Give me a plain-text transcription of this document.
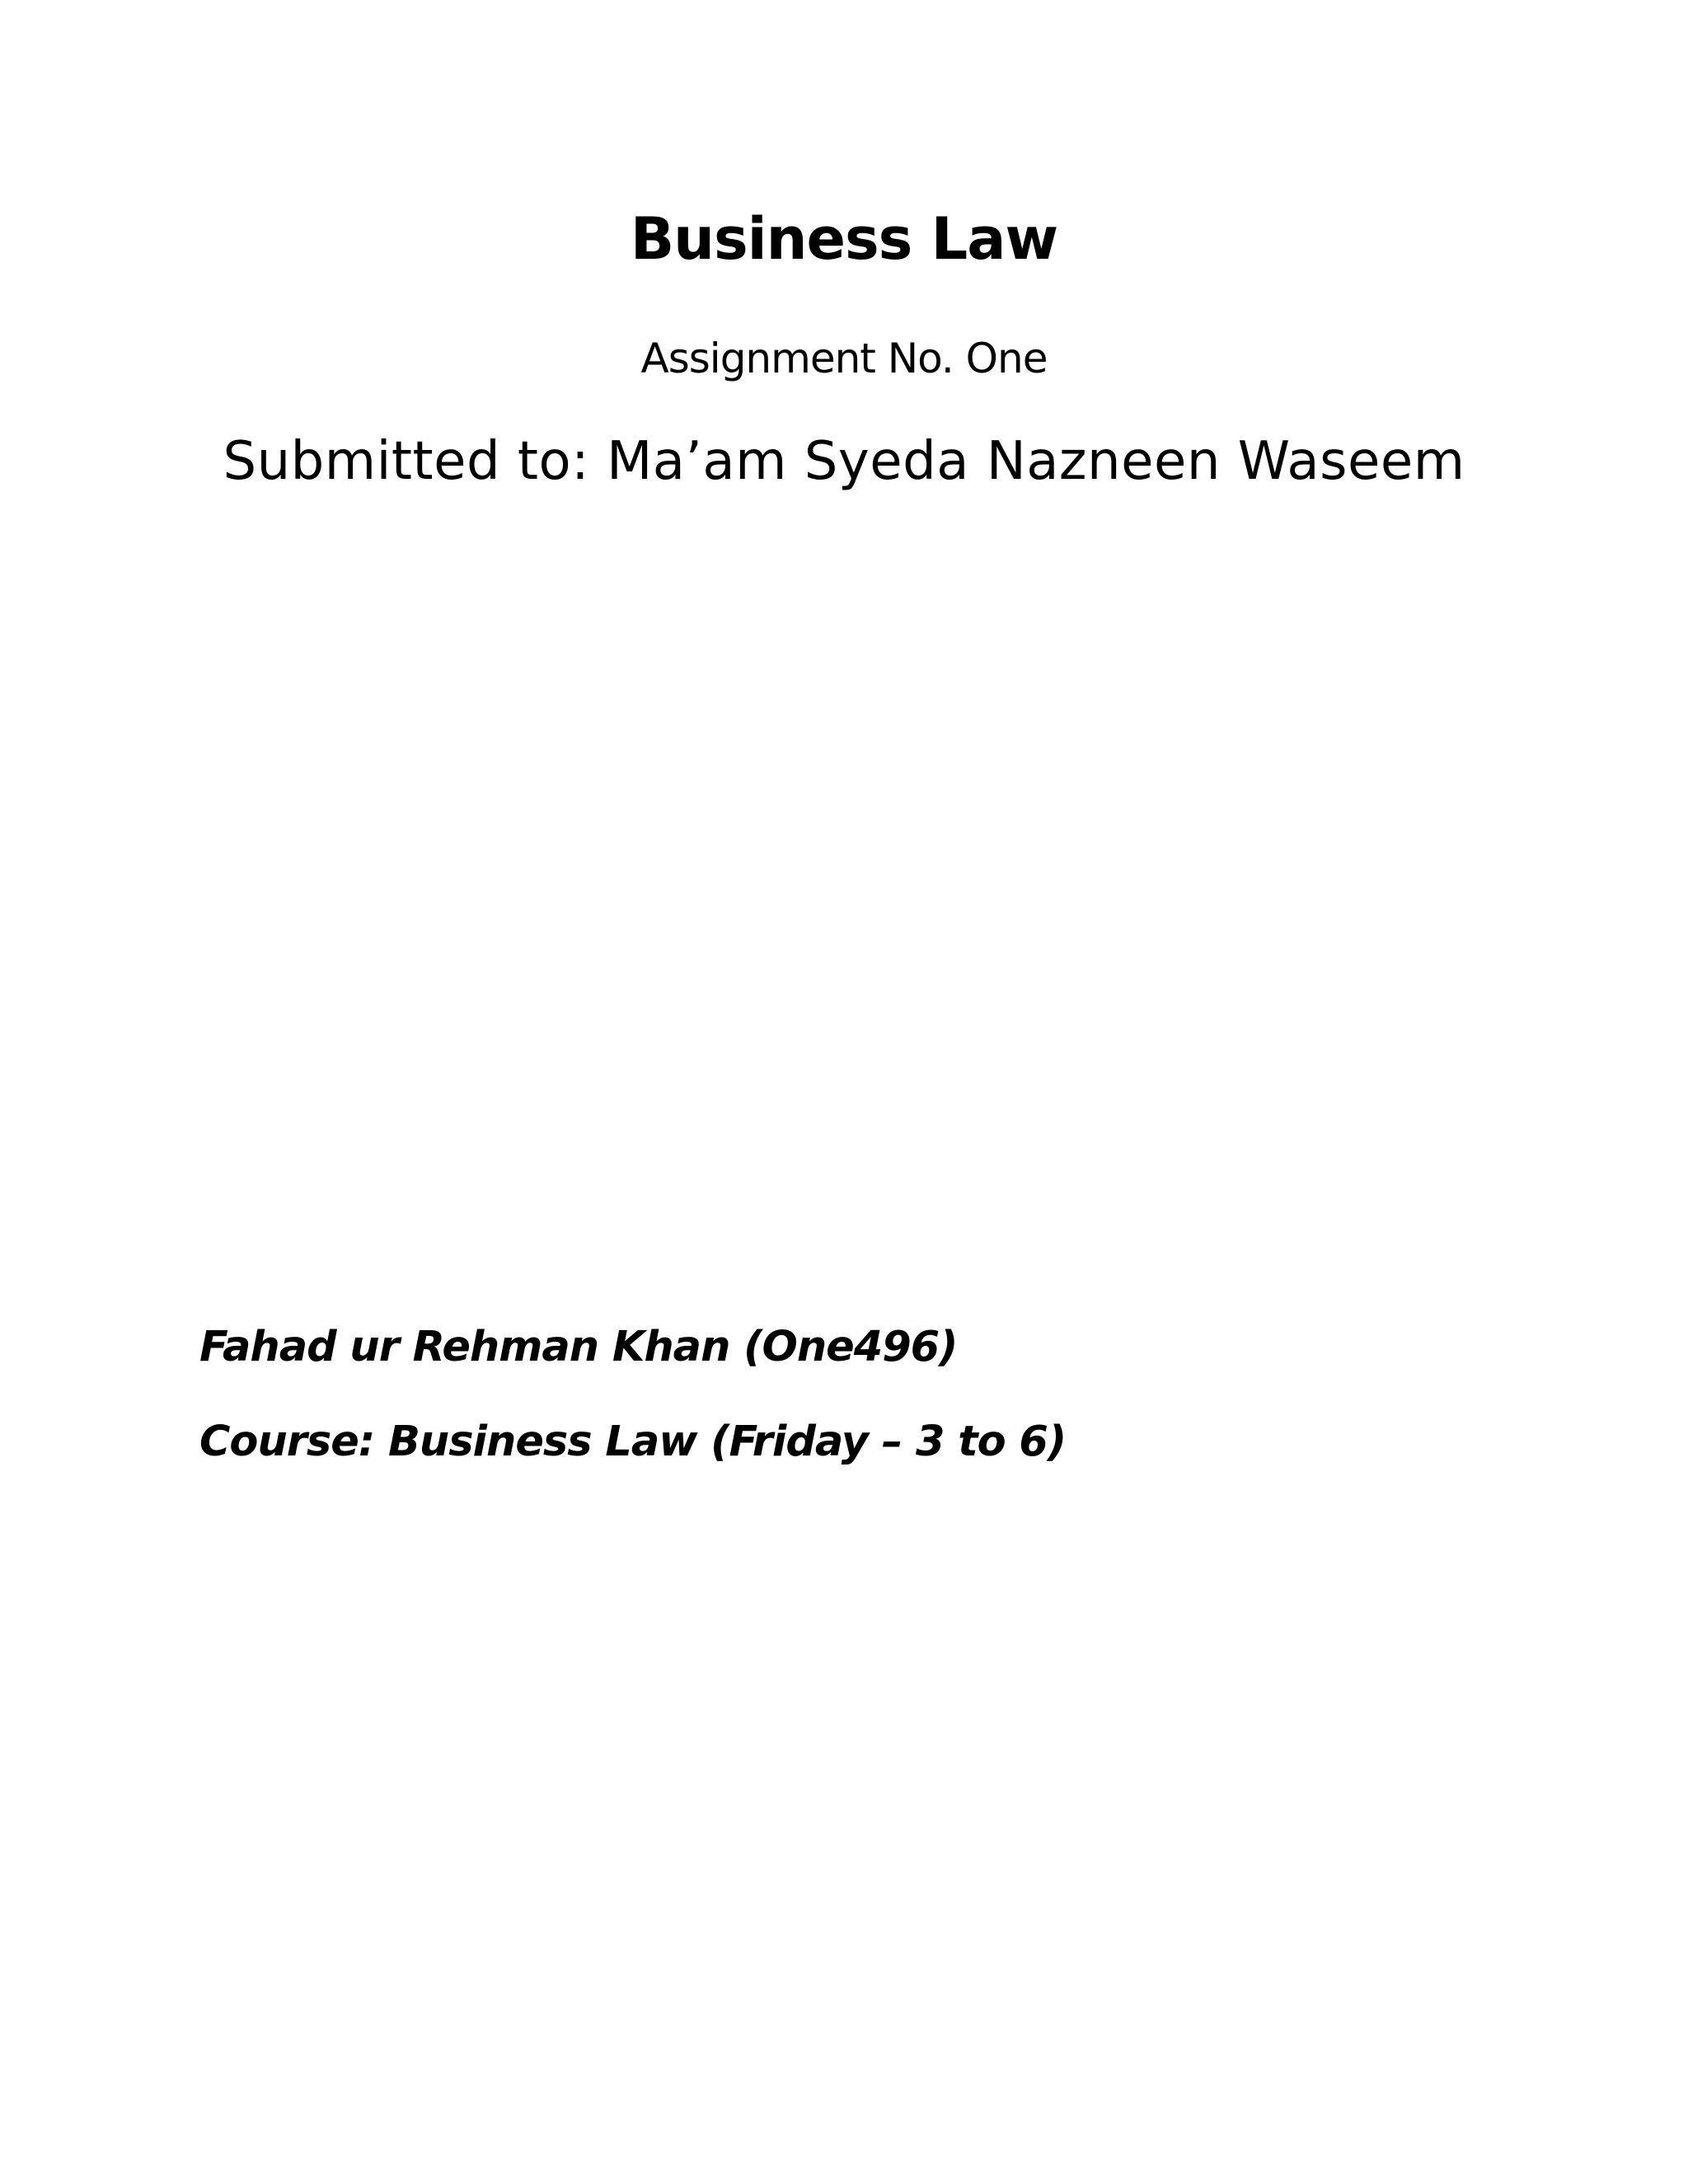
Business Law
Assignment No. One
Submitted to: Ma’am Syeda Nazneen Waseem
Fahad ur Rehman Khan (One496)
Course: Business Law (Friday – 3 to 6)
